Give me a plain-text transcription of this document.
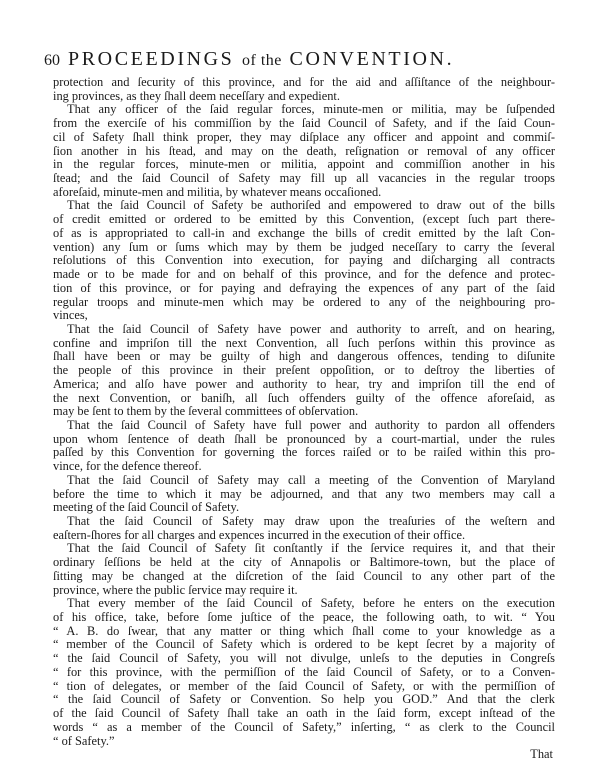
60 PROCEEDINGS of the CONVENTION.
protection and ſecurity of this province, and for the aid and aſſiſtance of the neighbour-
ing provinces, as they ſhall deem neceſſary and expedient.
That any officer of the ſaid regular forces, minute-men or militia, may be ſuſpended
from the exerciſe of his commiſſion by the ſaid Council of Safety, and if the ſaid Coun-
cil of Safety ſhall think proper, they may diſplace any officer and appoint and commiſ-
ſion another in his ſtead, and may on the death, reſignation or removal of any officer
in the regular forces, minute-men or militia, appoint and commiſſion another in his
ſtead; and the ſaid Council of Safety may fill up all vacancies in the regular troops
aforeſaid, minute-men and militia, by whatever means occaſioned.
That the ſaid Council of Safety be authoriſed and empowered to draw out of the bills
of credit emitted or ordered to be emitted by this Convention, (except ſuch part there-
of as is appropriated to call-in and exchange the bills of credit emitted by the laſt Con-
vention) any ſum or ſums which may by them be judged neceſſary to carry the ſeveral
reſolutions of this Convention into execution, for paying and diſcharging all contracts
made or to be made for and on behalf of this province, and for the defence and protec-
tion of this province, or for paying and defraying the expences of any part of the ſaid
regular troops and minute-men which may be ordered to any of the neighbouring pro-
vinces,
That the ſaid Council of Safety have power and authority to arreſt, and on hearing,
confine and impriſon till the next Convention, all ſuch perſons within this province as
ſhall have been or may be guilty of high and dangerous offences, tending to diſunite
the people of this province in their preſent oppoſition, or to deſtroy the liberties of
America; and alſo have power and authority to hear, try and impriſon till the end of
the next Convention, or baniſh, all ſuch offenders guilty of the offence aforeſaid, as
may be ſent to them by the ſeveral committees of obſervation.
That the ſaid Council of Safety have full power and authority to pardon all offenders
upon whom ſentence of death ſhall be pronounced by a court-martial, under the rules
paſſed by this Convention for governing the forces raiſed or to be raiſed within this pro-
vince, for the defence thereof.
That the ſaid Council of Safety may call a meeting of the Convention of Maryland
before the time to which it may be adjourned, and that any two members may call a
meeting of the ſaid Council of Safety.
That the ſaid Council of Safety may draw upon the treaſuries of the weſtern and
eaſtern-ſhores for all charges and expences incurred in the execution of their office.
That the ſaid Council of Safety ſit conſtantly if the ſervice requires it, and that their
ordinary ſeſſions be held at the city of Annapolis or Baltimore-town, but the place of
ſitting may be changed at the diſcretion of the ſaid Council to any other part of the
province, where the public ſervice may require it.
That every member of the ſaid Council of Safety, before he enters on the execution
of his office, take, before ſome juſtice of the peace, the following oath, to wit. “ You
“ A. B. do ſwear, that any matter or thing which ſhall come to your knowledge as a
“ member of the Council of Safety which is ordered to be kept ſecret by a majority of
“ the ſaid Council of Safety, you will not divulge, unleſs to the deputies in Congreſs
“ for this province, with the permiſſion of the ſaid Council of Safety, or to a Conven-
“ tion of delegates, or member of the ſaid Council of Safety, or with the permiſſion of
“ the ſaid Council of Safety or Convention. So help you GOD.” And that the clerk
of the ſaid Council of Safety ſhall take an oath in the ſaid form, except inſtead of the
words “ as a member of the Council of Safety,” inſerting, “ as clerk to the Council
“ of Safety.”
That
